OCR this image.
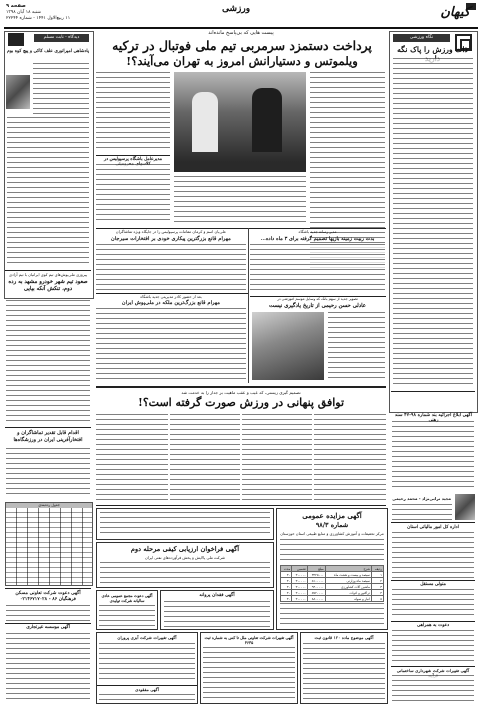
صفحه ۹
شنبه ۱۸ آبان ۱۳۹۸
۱۱ ربیع‌الاول ۱۴۴۱ - شماره ۲۲۲۴۴
ورزشی	کیهان
نگاه ورزشی
ذات ورزش را پاک نگه
آگهی ابلاغ اجرائیه بند شماره ۹۸-۴۷ سند
مجید ترابی‌نژاد - محمد رحیمی
اداره کل امور مالیاتی استان
متولی مستقل
دعوت به همراهی
آگهی تغییرات شرکت شهرداری ساختمانی
دیدگاه - ثابت مسلم
پادشاهی امپراتوری علف کاکی و پیچ کوه بوم
پیروزی ملی‌پوش‌های تیم کوی ایرانیان با تیم آزادی
صعود تیم شهر خودرو مشهد به رده دوم، تنکش آنکه بیایی
اقدام قابل تقدیر تماشاگران و افتخارآفرینی ایران در ورزشگاه‌ها
جدول رده‌بندی
آگهی دعوت شرکت تعاونی مسکن فرهنگیان ۸۶ - ۰۲۱۴۶۷۱۷۰۲۸
آگهی موسسه غیرتجاری
پیست هایی که بی‌پاسخ مانده‌اند
پرداخت دستمزد سرمربی تیم ملی فوتبال در ترکیه
ویلموتس و دستیارانش امروز به تهران می‌آیند؟!
مدیرعامل باشگاه پرسپولیس در
علی‌یان اسم و کرمان مقامات پرسپولیس را در جایگاه ویژه تماشاگران
مهرام قانع بزرگترین پیکاری خودی بر افتخارات سیرجان
مدیر رسانه جدید باشگاه
بدت ربیت زمینه بازیها تصمیم گرفته برای ۳ ماه داده...
بعد از حضور کادر مدیریتی جدید باشگاه
مهرام قانع بزرگ‌ترین ملکه در ملی‌پوش ایران
تصویر جدید از سهم بانک که وسایل موسم آموزشی در
عادلی حسن رحیمی از تاریخ یادگیری نیست
تصمیم گیری زیستی، که عیب و عقب ماهیت بر جدار را به خدمت شد
توافق پنهانی در ورزش صورت گرفته است؟!
آگهی مزایده عمومی
شماره ۹۸/۳
مرکز تحقیقات و آموزش کشاورزی و منابع طبیعی استان خوزستان
ردیف	شرح	مبلغ	تضمین	مدت
۱	سیصد و بیست و هشت ماه	۳۴۲۵۰۰۰	۳۰۰۰۰۰	۳۰
۲	سیصد ماه وزارتی	۵۱۰۰۰۰۰	۳۰۰۰۰۰	۳۰
۳	ماشین آلات کشاورزی	۹۳۰۰۰۰۰	۳۰۰۰۰۰	۳۰
۴	تراکتور و ادوات	۵۷۲۰۰۰۰	۳۰۰۰۰۰	۳۰
۵	انبار و سوله	۸۸۰۰۰۰۰	۳۰۰۰۰۰	۳۰
آگهی فراخوان ارزیابی کیفی مرحله دوم
شرکت ملی پالایش و پخش فرآورده‌های نفتی ایران
آگهی دعوت مجمع عمومی عادی سالیانه شرکت تولیدی
آگهی فقدان پروانه
آگهی موضوع ماده ۱۲۰ قانون ثبت
آگهی تغییرات شرکت تعاونی ملل تا کس به شماره ثبت ۴۶۳۵
آگهی تغییرات شرکت آبزی پروران
آگهی مفقودی
